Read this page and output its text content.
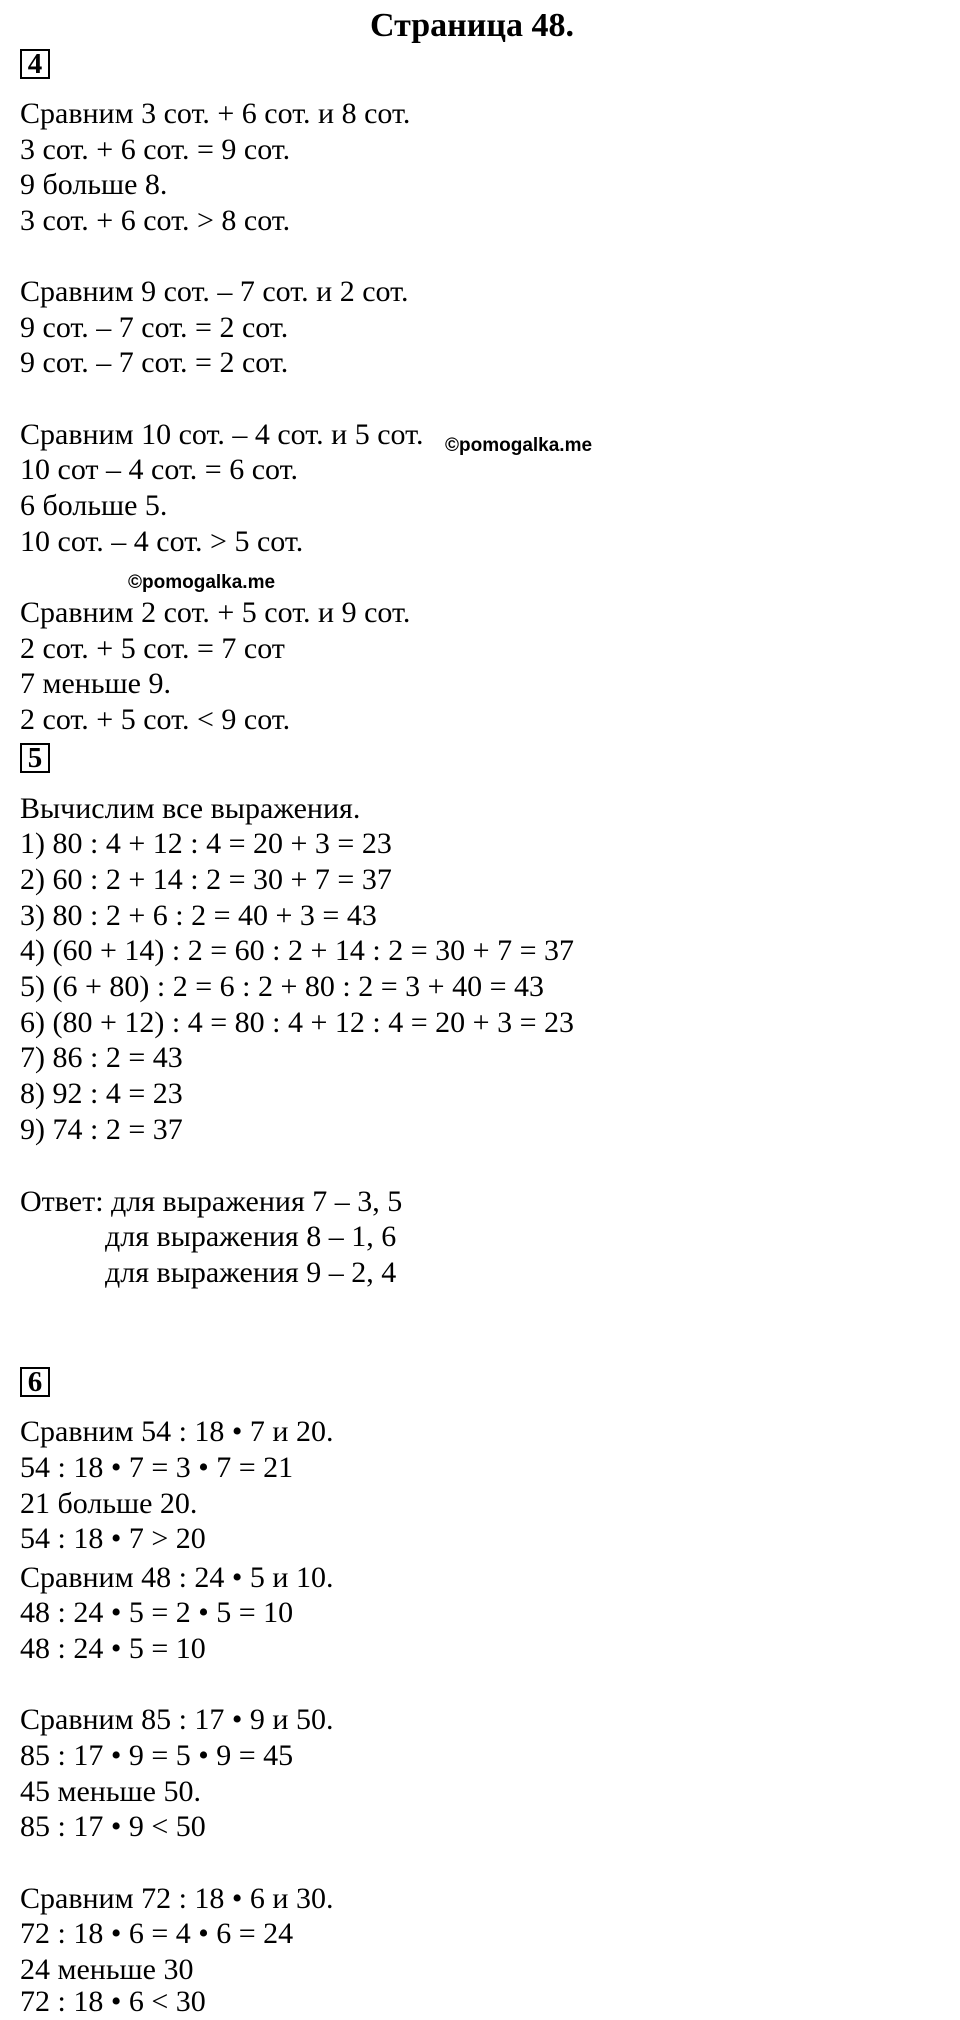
Страница 48.
4
Сравним 3 сот. + 6 сот. и 8 сот.
3 сот. + 6 сот. = 9 сот.
9 больше 8.
3 сот. + 6 сот. > 8 сот.
Сравним 9 сот. – 7 сот. и 2 сот.
9 сот. – 7 сот. = 2 сот.
9 сот. – 7 сот. = 2 сот.
Сравним 10 сот. – 4 сот. и 5 сот. ©pomogalka.me
10 сот – 4 сот. = 6 сот.
6 больше 5.
10 сот. – 4 сот. > 5 сот.
©pomogalka.me
Сравним 2 сот. + 5 сот. и 9 сот.
2 сот. + 5 сот. = 7 сот
7 меньше 9.
2 сот. + 5 сот. < 9 сот.
5
Вычислим все выражения.
1) 80 : 4 + 12 : 4 = 20 + 3 = 23
2) 60 : 2 + 14 : 2 = 30 + 7 = 37
3) 80 : 2 + 6 : 2 = 40 + 3 = 43
4) (60 + 14) : 2 = 60 : 2 + 14 : 2 = 30 + 7 = 37
5) (6 + 80) : 2 = 6 : 2 + 80 : 2 = 3 + 40 = 43
6) (80 + 12) : 4 = 80 : 4 + 12 : 4 = 20 + 3 = 23
7) 86 : 2 = 43
8) 92 : 4 = 23
9) 74 : 2 = 37
Ответ: для выражения 7 – 3, 5
для выражения 8 – 1, 6
для выражения 9 – 2, 4
6
Сравним 54 : 18 • 7 и 20.
54 : 18 • 7 = 3 • 7 = 21
21 больше 20.
54 : 18 • 7 > 20
Сравним 48 : 24 • 5 и 10.
48 : 24 • 5 = 2 • 5 = 10
48 : 24 • 5 = 10
Сравним 85 : 17 • 9 и 50.
85 : 17 • 9 = 5 • 9 = 45
45 меньше 50.
85 : 17 • 9 < 50
Сравним 72 : 18 • 6 и 30.
72 : 18 • 6 = 4 • 6 = 24
24 меньше 30
72 : 18 • 6 < 30
